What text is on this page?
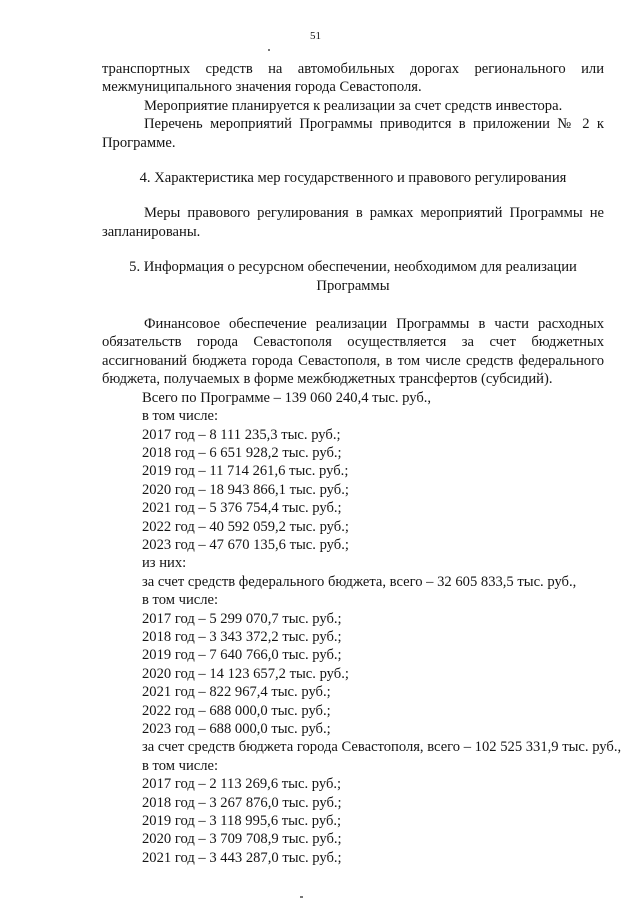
51

транспортных средств на автомобильных дорогах регионального или межмуниципального значения города Севастополя.

Мероприятие планируется к реализации за счет средств инвестора.

Перечень мероприятий Программы приводится в приложении № 2 к Программе.

4. Характеристика мер государственного и правового регулирования

Меры правового регулирования в рамках мероприятий Программы не запланированы.

5. Информация о ресурсном обеспечении, необходимом для реализации Программы

Финансовое обеспечение реализации Программы в части расходных обязательств города Севастополя осуществляется за счет бюджетных ассигнований бюджета города Севастополя, в том числе средств федерального бюджета, получаемых в форме межбюджетных трансфертов (субсидий).

Всего по Программе – 139 060 240,4 тыс. руб.,

в том числе:

2017 год – 8 111 235,3 тыс. руб.;

2018 год – 6 651 928,2 тыс. руб.;

2019 год – 11 714 261,6 тыс. руб.;

2020 год – 18 943 866,1 тыс. руб.;

2021 год – 5 376 754,4 тыс. руб.;

2022 год – 40 592 059,2 тыс. руб.;

2023 год – 47 670 135,6 тыс. руб.;

из них:

за счет средств федерального бюджета, всего – 32 605 833,5 тыс. руб.,

в том числе:

2017 год – 5 299 070,7 тыс. руб.;

2018 год – 3 343 372,2 тыс. руб.;

2019 год – 7 640 766,0 тыс. руб.;

2020 год – 14 123 657,2 тыс. руб.;

2021 год – 822 967,4 тыс. руб.;

2022 год – 688 000,0 тыс. руб.;

2023 год – 688 000,0 тыс. руб.;

за счет средств бюджета города Севастополя, всего – 102 525 331,9 тыс. руб.,

в том числе:

2017 год – 2 113 269,6 тыс. руб.;

2018 год – 3 267 876,0 тыс. руб.;

2019 год – 3 118 995,6 тыс. руб.;

2020 год – 3 709 708,9 тыс. руб.;

2021 год – 3 443 287,0 тыс. руб.;
